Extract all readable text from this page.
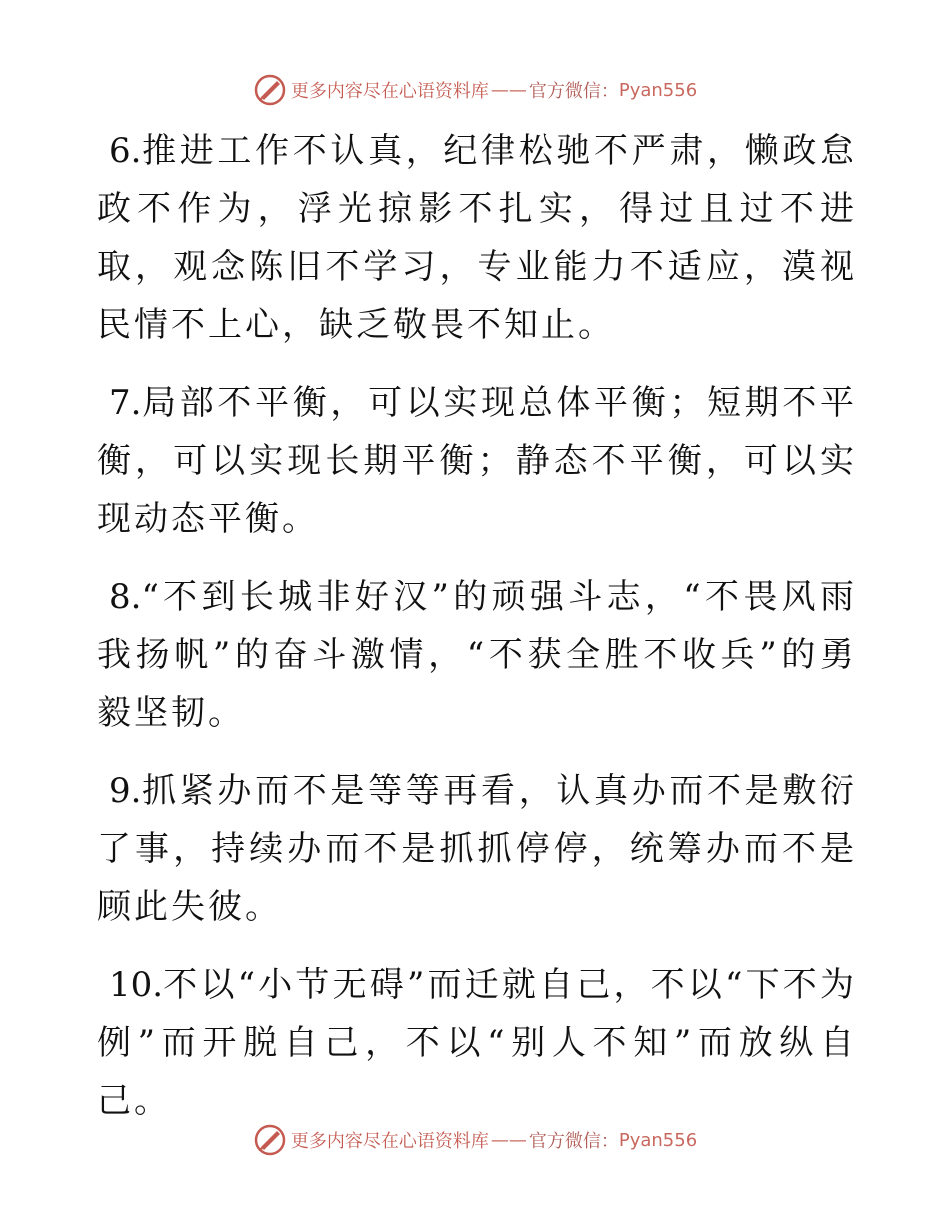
更多内容尽在心语资料库 —— 官方微信： Pyan556

6.推进工作不认真，纪律松驰不严肃，懒政怠政不作为，浮光掠影不扎实，得过且过不进取，观念陈旧不学习，专业能力不适应，漠视民情不上心，缺乏敬畏不知止。

7.局部不平衡，可以实现总体平衡；短期不平衡，可以实现长期平衡；静态不平衡，可以实现动态平衡。

8.“不到长城非好汉”的顽强斗志，“不畏风雨我扬帆”的奋斗激情，“不获全胜不收兵”的勇毅坚韧。

9.抓紧办而不是等等再看，认真办而不是敷衍了事，持续办而不是抓抓停停，统筹办而不是顾此失彼。

10.不以“小节无碍”而迁就自己，不以“下不为例”而开脱自己，不以“别人不知”而放纵自己。

更多内容尽在心语资料库 —— 官方微信： Pyan556
